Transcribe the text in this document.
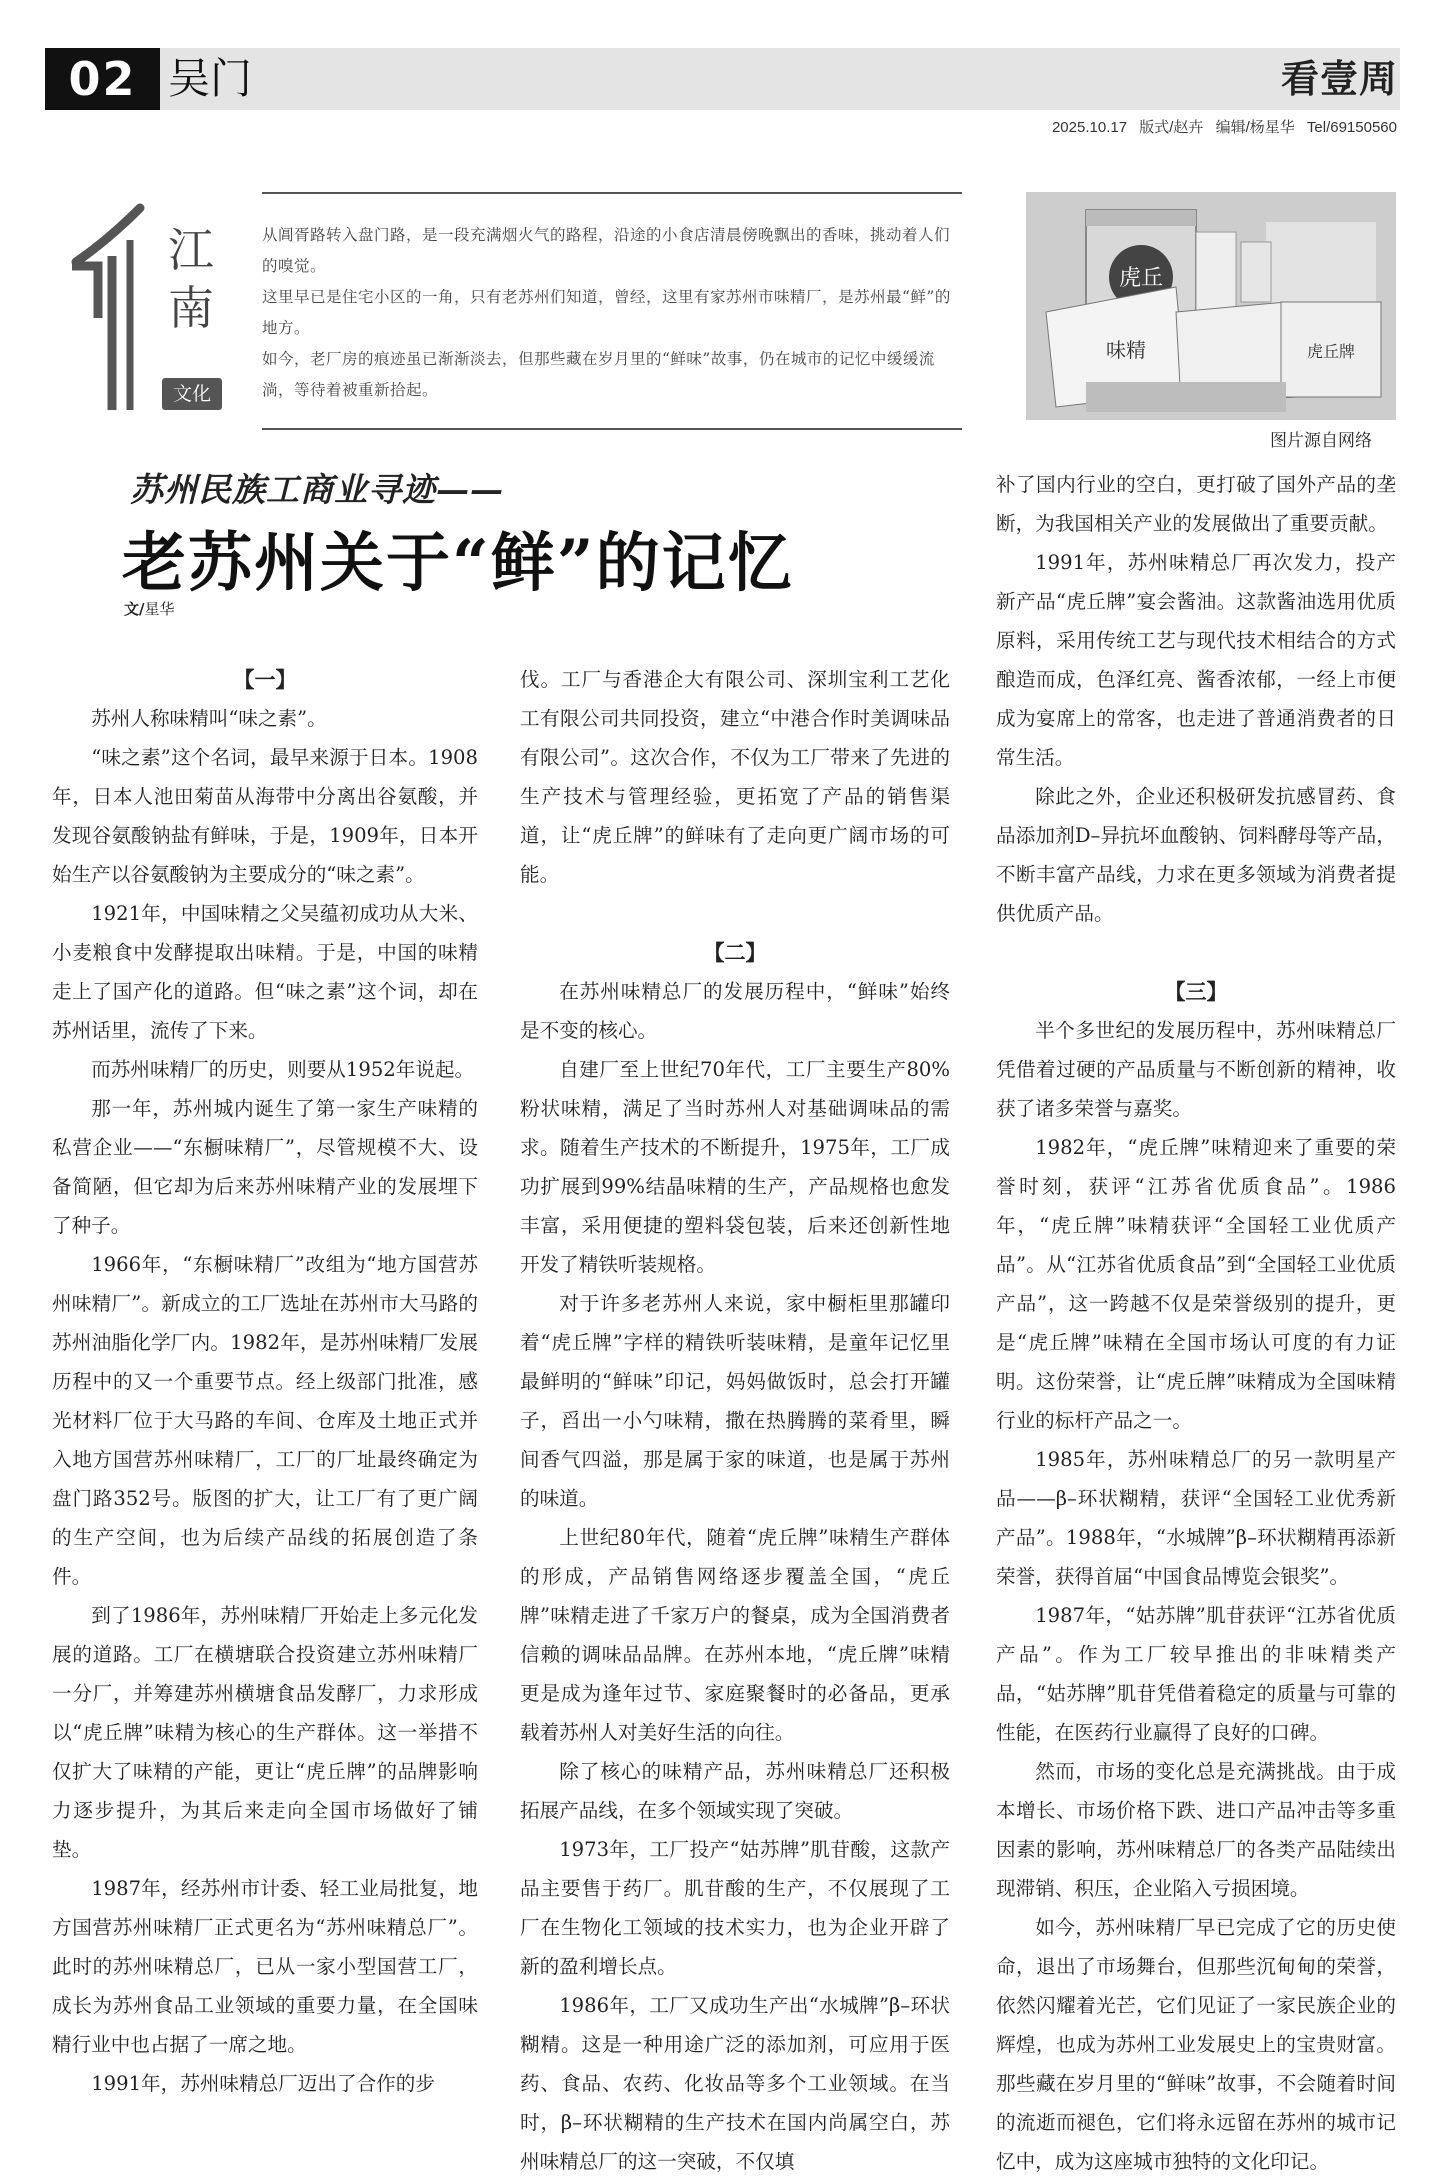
02 吴门	看壹周
2025.10.17 版式/赵卉 编辑/杨星华 Tel/69150560
江
南
文化

从阊胥路转入盘门路，是一段充满烟火气的路程，沿途的小食店清晨傍晚飘出的香味，挑动着人们的嗅觉。

这里早已是住宅小区的一角，只有老苏州们知道，曾经，这里有家苏州市味精厂，是苏州最“鲜”的地方。

如今，老厂房的痕迹虽已渐渐淡去，但那些藏在岁月里的“鲜味”故事，仍在城市的记忆中缓缓流淌，等待着被重新拾起。

虎丘
味精	虎丘牌
图片源自网络
苏州民族工商业寻迹——
老苏州关于“鲜”的记忆
文/星华
【一】

苏州人称味精叫“味之素”。

“味之素”这个名词，最早来源于日本。1908年，日本人池田菊苗从海带中分离出谷氨酸，并发现谷氨酸钠盐有鲜味，于是，1909年，日本开始生产以谷氨酸钠为主要成分的“味之素”。

1921年，中国味精之父吴蕴初成功从大米、小麦粮食中发酵提取出味精。于是，中国的味精走上了国产化的道路。但“味之素”这个词，却在苏州话里，流传了下来。

而苏州味精厂的历史，则要从1952年说起。

那一年，苏州城内诞生了第一家生产味精的私营企业——“东橱味精厂”，尽管规模不大、设备简陋，但它却为后来苏州味精产业的发展埋下了种子。

1966年，“东橱味精厂”改组为“地方国营苏州味精厂”。新成立的工厂选址在苏州市大马路的苏州油脂化学厂内。1982年，是苏州味精厂发展历程中的又一个重要节点。经上级部门批准，感光材料厂位于大马路的车间、仓库及土地正式并入地方国营苏州味精厂，工厂的厂址最终确定为盘门路352号。版图的扩大，让工厂有了更广阔的生产空间，也为后续产品线的拓展创造了条件。

到了1986年，苏州味精厂开始走上多元化发展的道路。工厂在横塘联合投资建立苏州味精厂一分厂，并筹建苏州横塘食品发酵厂，力求形成以“虎丘牌”味精为核心的生产群体。这一举措不仅扩大了味精的产能，更让“虎丘牌”的品牌影响力逐步提升，为其后来走向全国市场做好了铺垫。

1987年，经苏州市计委、轻工业局批复，地方国营苏州味精厂正式更名为“苏州味精总厂”。此时的苏州味精总厂，已从一家小型国营工厂，成长为苏州食品工业领域的重要力量，在全国味精行业中也占据了一席之地。

1991年，苏州味精总厂迈出了合作的步

伐。工厂与香港企大有限公司、深圳宝利工艺化工有限公司共同投资，建立“中港合作时美调味品有限公司”。这次合作，不仅为工厂带来了先进的生产技术与管理经验，更拓宽了产品的销售渠道，让“虎丘牌”的鲜味有了走向更广阔市场的可能。

【二】

在苏州味精总厂的发展历程中，“鲜味”始终是不变的核心。

自建厂至上世纪70年代，工厂主要生产80%粉状味精，满足了当时苏州人对基础调味品的需求。随着生产技术的不断提升，1975年，工厂成功扩展到99%结晶味精的生产，产品规格也愈发丰富，采用便捷的塑料袋包装，后来还创新性地开发了精铁听装规格。

对于许多老苏州人来说，家中橱柜里那罐印着“虎丘牌”字样的精铁听装味精，是童年记忆里最鲜明的“鲜味”印记，妈妈做饭时，总会打开罐子，舀出一小勺味精，撒在热腾腾的菜肴里，瞬间香气四溢，那是属于家的味道，也是属于苏州的味道。

上世纪80年代，随着“虎丘牌”味精生产群体的形成，产品销售网络逐步覆盖全国，“虎丘牌”味精走进了千家万户的餐桌，成为全国消费者信赖的调味品品牌。在苏州本地，“虎丘牌”味精更是成为逢年过节、家庭聚餐时的必备品，更承载着苏州人对美好生活的向往。

除了核心的味精产品，苏州味精总厂还积极拓展产品线，在多个领域实现了突破。

1973年，工厂投产“姑苏牌”肌苷酸，这款产品主要售于药厂。肌苷酸的生产，不仅展现了工厂在生物化工领域的技术实力，也为企业开辟了新的盈利增长点。

1986年，工厂又成功生产出“水城牌”β–环状糊精。这是一种用途广泛的添加剂，可应用于医药、食品、农药、化妆品等多个工业领域。在当时，β–环状糊精的生产技术在国内尚属空白，苏州味精总厂的这一突破，不仅填

补了国内行业的空白，更打破了国外产品的垄断，为我国相关产业的发展做出了重要贡献。

1991年，苏州味精总厂再次发力，投产新产品“虎丘牌”宴会酱油。这款酱油选用优质原料，采用传统工艺与现代技术相结合的方式酿造而成，色泽红亮、酱香浓郁，一经上市便成为宴席上的常客，也走进了普通消费者的日常生活。

除此之外，企业还积极研发抗感冒药、食品添加剂D–异抗坏血酸钠、饲料酵母等产品，不断丰富产品线，力求在更多领域为消费者提供优质产品。

【三】

半个多世纪的发展历程中，苏州味精总厂凭借着过硬的产品质量与不断创新的精神，收获了诸多荣誉与嘉奖。

1982年，“虎丘牌”味精迎来了重要的荣誉时刻，获评“江苏省优质食品”。1986年，“虎丘牌”味精获评“全国轻工业优质产品”。从“江苏省优质食品”到“全国轻工业优质产品”，这一跨越不仅是荣誉级别的提升，更是“虎丘牌”味精在全国市场认可度的有力证明。这份荣誉，让“虎丘牌”味精成为全国味精行业的标杆产品之一。

1985年，苏州味精总厂的另一款明星产品——β–环状糊精，获评“全国轻工业优秀新产品”。1988年，“水城牌”β–环状糊精再添新荣誉，获得首届“中国食品博览会银奖”。

1987年，“姑苏牌”肌苷获评“江苏省优质产品”。作为工厂较早推出的非味精类产品，“姑苏牌”肌苷凭借着稳定的质量与可靠的性能，在医药行业赢得了良好的口碑。

然而，市场的变化总是充满挑战。由于成本增长、市场价格下跌、进口产品冲击等多重因素的影响，苏州味精总厂的各类产品陆续出现滞销、积压，企业陷入亏损困境。

如今，苏州味精厂早已完成了它的历史使命，退出了市场舞台，但那些沉甸甸的荣誉，依然闪耀着光芒，它们见证了一家民族企业的辉煌，也成为苏州工业发展史上的宝贵财富。那些藏在岁月里的“鲜味”故事，不会随着时间的流逝而褪色，它们将永远留在苏州的城市记忆中，成为这座城市独特的文化印记。
